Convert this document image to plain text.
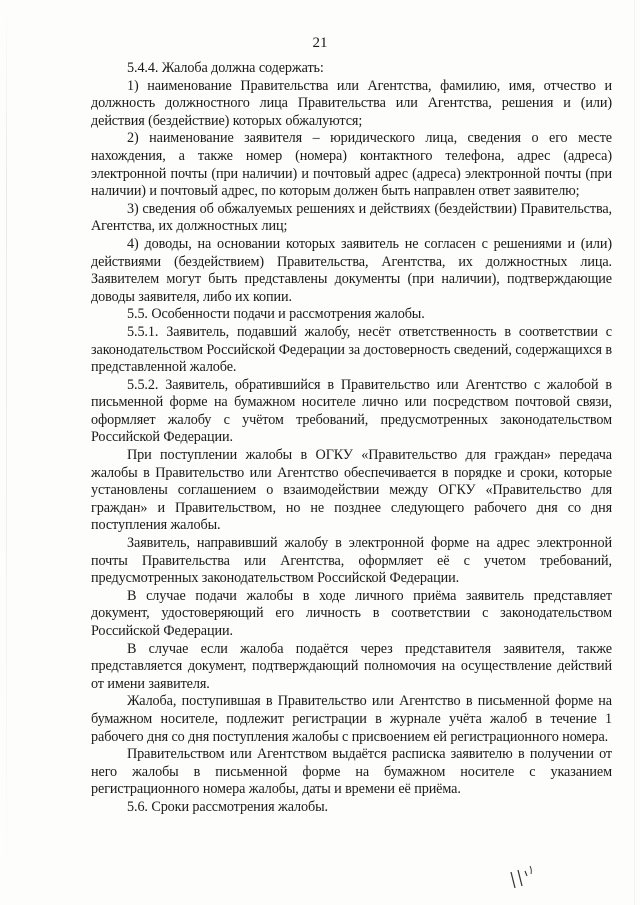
21

5.4.4. Жалоба должна содержать:

1) наименование Правительства или Агентства, фамилию, имя, отчество и должность должностного лица Правительства или Агентства, решения и (или) действия (бездействие) которых обжалуются;

2) наименование заявителя – юридического лица, сведения о его месте нахождения, а также номер (номера) контактного телефона, адрес (адреса) электронной почты (при наличии) и почтовый адрес (адреса) электронной почты (при наличии) и почтовый адрес, по которым должен быть направлен ответ заявителю;

3) сведения об обжалуемых решениях и действиях (бездействии) Правительства, Агентства, их должностных лиц;

4) доводы, на основании которых заявитель не согласен с решениями и (или) действиями (бездействием) Правительства, Агентства, их должностных лица. Заявителем могут быть представлены документы (при наличии), подтверждающие доводы заявителя, либо их копии.

5.5. Особенности подачи и рассмотрения жалобы.

5.5.1. Заявитель, подавший жалобу, несёт ответственность в соответствии с законодательством Российской Федерации за достоверность сведений, содержащихся в представленной жалобе.

5.5.2. Заявитель, обратившийся в Правительство или Агентство с жалобой в письменной форме на бумажном носителе лично или посредством почтовой связи, оформляет жалобу с учётом требований, предусмотренных законодательством Российской Федерации.

При поступлении жалобы в ОГКУ «Правительство для граждан» передача жалобы в Правительство или Агентство обеспечивается в порядке и сроки, которые установлены соглашением о взаимодействии между ОГКУ «Правительство для граждан» и Правительством, но не позднее следующего рабочего дня со дня поступления жалобы.

Заявитель, направивший жалобу в электронной форме на адрес электронной почты Правительства или Агентства, оформляет её с учетом требований, предусмотренных законодательством Российской Федерации.

В случае подачи жалобы в ходе личного приёма заявитель представляет документ, удостоверяющий его личность в соответствии с законодательством Российской Федерации.

В случае если жалоба подаётся через представителя заявителя, также представляется документ, подтверждающий полномочия на осуществление действий от имени заявителя.

Жалоба, поступившая в Правительство или Агентство в письменной форме на бумажном носителе, подлежит регистрации в журнале учёта жалоб в течение 1 рабочего дня со дня поступления жалобы с присвоением ей регистрационного номера.

Правительством или Агентством выдаётся расписка заявителю в получении от него жалобы в письменной форме на бумажном носителе с указанием регистрационного номера жалобы, даты и времени её приёма.

5.6. Сроки рассмотрения жалобы.
